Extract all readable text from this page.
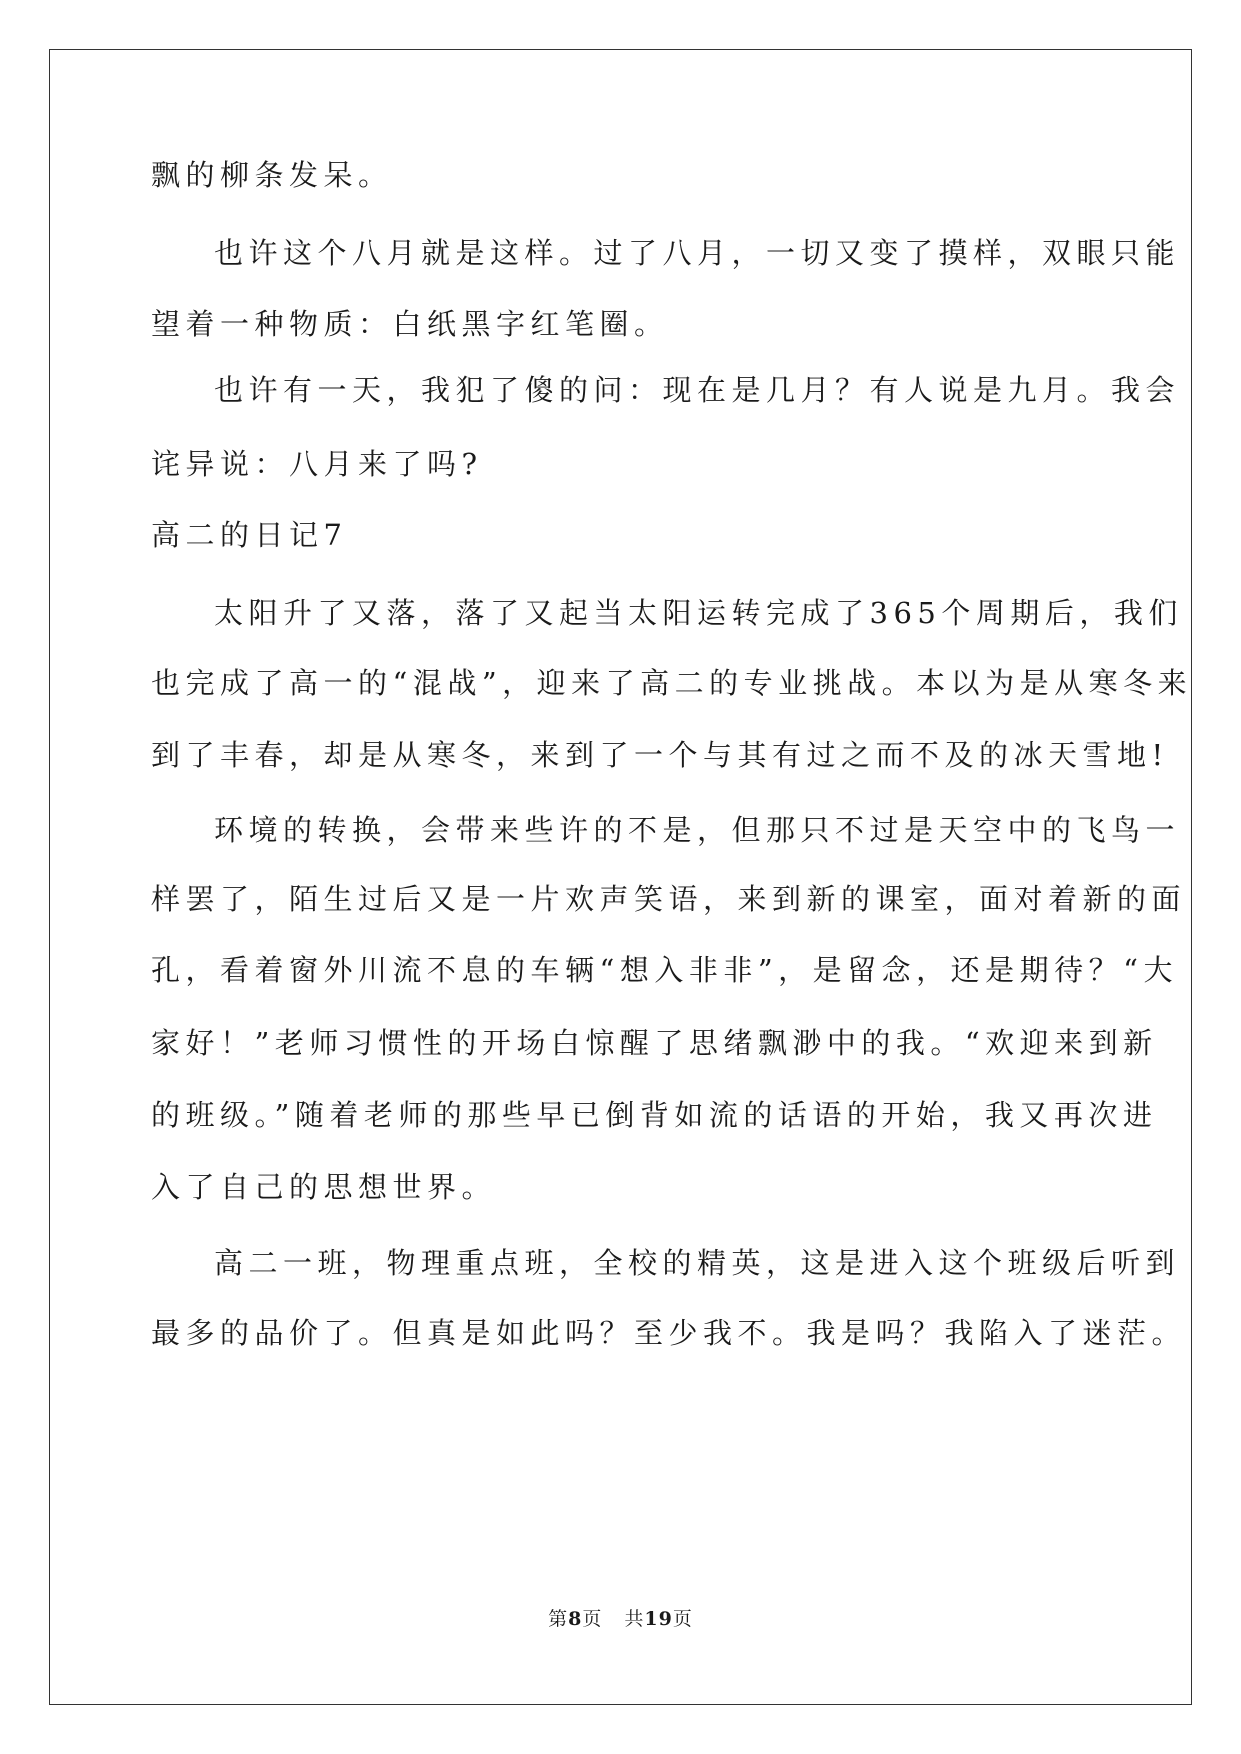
飘的柳条发呆。
也许这个八月就是这样。过了八月，一切又变了摸样，双眼只能
望着一种物质：白纸黑字红笔圈。
也许有一天，我犯了傻的问：现在是几月？有人说是九月。我会
诧异说：八月来了吗?
高二的日记7
太阳升了又落，落了又起当太阳运转完成了365个周期后，我们
也完成了高一的“混战”，迎来了高二的专业挑战。本以为是从寒冬来
到了丰春，却是从寒冬，来到了一个与其有过之而不及的冰天雪地!
环境的转换，会带来些许的不是，但那只不过是天空中的飞鸟一
样罢了，陌生过后又是一片欢声笑语，来到新的课室，面对着新的面
孔，看着窗外川流不息的车辆“想入非非”，是留念，还是期待？“大
家好！”老师习惯性的开场白惊醒了思绪飘渺中的我。“欢迎来到新
的班级。”随着老师的那些早已倒背如流的话语的开始，我又再次进
入了自己的思想世界。
高二一班，物理重点班，全校的精英，这是进入这个班级后听到
最多的品价了。但真是如此吗？至少我不。我是吗？我陷入了迷茫。
第8页 共19页
